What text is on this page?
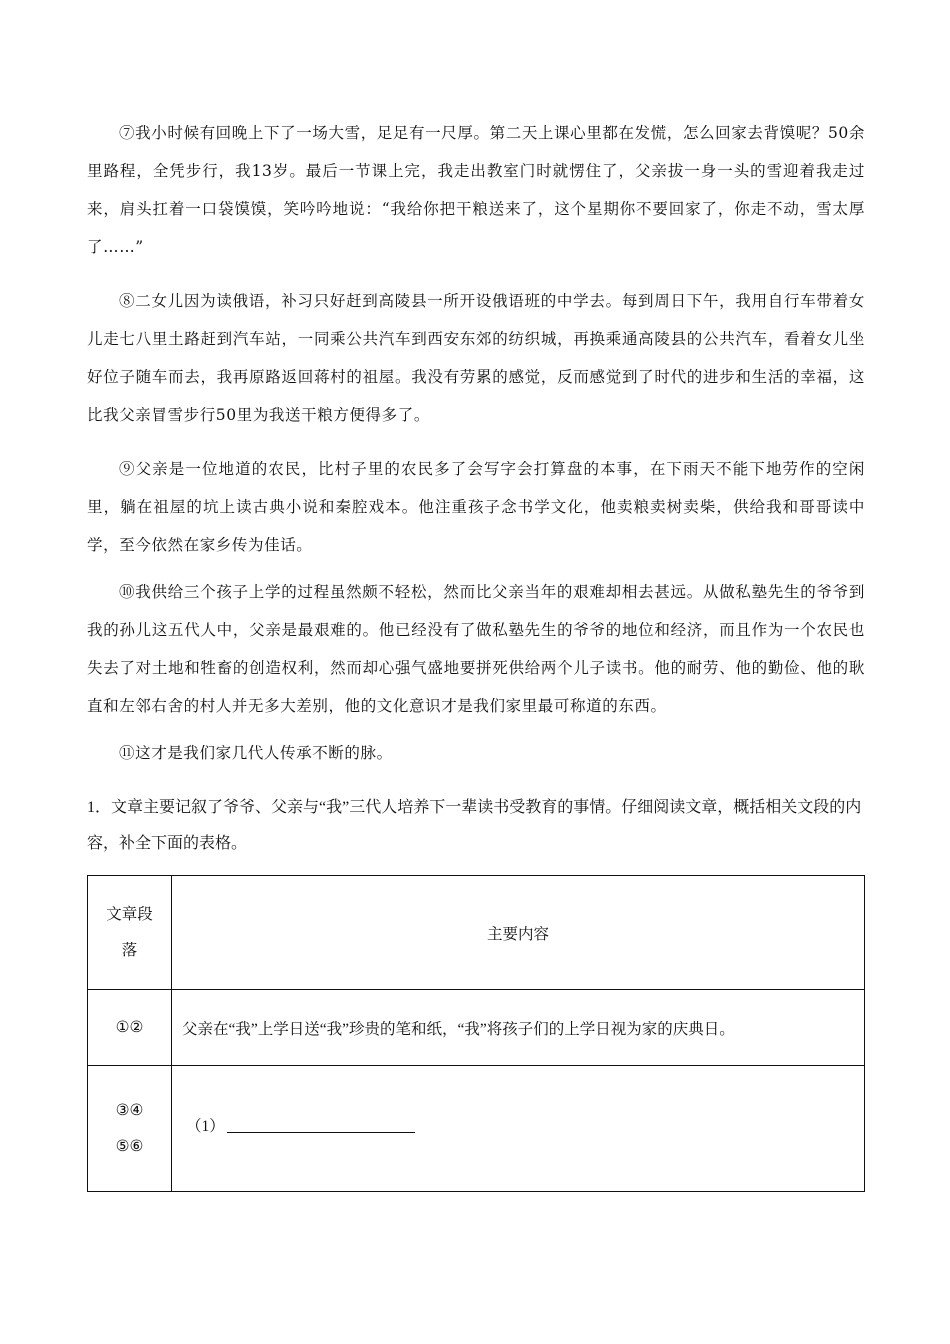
⑦我小时候有回晚上下了一场大雪，足足有一尺厚。第二天上课心里都在发慌，怎么回家去背馍呢？50余里路程，全凭步行，我13岁。最后一节课上完，我走出教室门时就愣住了，父亲拔一身一头的雪迎着我走过来，肩头扛着一口袋馍馍，笑吟吟地说：“我给你把干粮送来了，这个星期你不要回家了，你走不动，雪太厚了……”

⑧二女儿因为读俄语，补习只好赶到高陵县一所开设俄语班的中学去。每到周日下午，我用自行车带着女儿走七八里土路赶到汽车站，一同乘公共汽车到西安东郊的纺织城，再换乘通高陵县的公共汽车，看着女儿坐好位子随车而去，我再原路返回蒋村的祖屋。我没有劳累的感觉，反而感觉到了时代的进步和生活的幸福，这比我父亲冒雪步行50里为我送干粮方便得多了。

⑨父亲是一位地道的农民，比村子里的农民多了会写字会打算盘的本事，在下雨天不能下地劳作的空闲里，躺在祖屋的坑上读古典小说和秦腔戏本。他注重孩子念书学文化，他卖粮卖树卖柴，供给我和哥哥读中学，至今依然在家乡传为佳话。

⑩我供给三个孩子上学的过程虽然颇不轻松，然而比父亲当年的艰难却相去甚远。从做私塾先生的爷爷到我的孙儿这五代人中，父亲是最艰难的。他已经没有了做私塾先生的爷爷的地位和经济，而且作为一个农民也失去了对土地和牲畜的创造权利，然而却心强气盛地要拼死供给两个儿子读书。他的耐劳、他的勤俭、他的耿直和左邻右舍的村人并无多大差别，他的文化意识才是我们家里最可称道的东西。

⑪这才是我们家几代人传承不断的脉。

1．文章主要记叙了爷爷、父亲与“我”三代人培养下一辈读书受教育的事情。仔细阅读文章，概括相关文段的内容，补全下面的表格。

文章段
落	主要内容
①②	父亲在“我”上学日送“我”珍贵的笔和纸，“我”将孩子们的上学日视为家的庆典日。

③④
⑤⑥	（1）
